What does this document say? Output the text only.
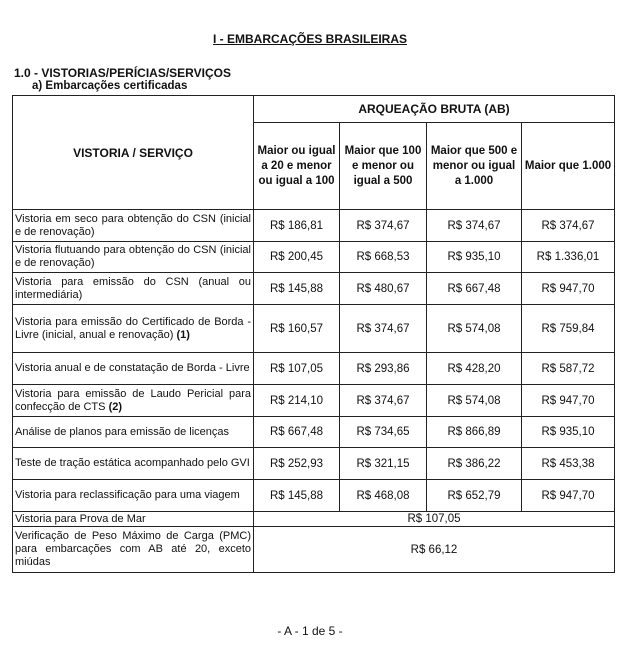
I - EMBARCAÇÕES BRASILEIRAS
1.0 - VISTORIAS/PERÍCIAS/SERVIÇOS
a) Embarcações certificadas
VISTORIA / SERVIÇO	ARQUEAÇÃO BRUTA (AB)			
	Maior ou igual a 20 e menor ou igual a 100	Maior que 100 e menor ou igual a 500	Maior que 500 e menor ou igual a 1.000	Maior que 1.000
Vistoria em seco para obtenção do CSN (inicial e de renovação)	R$ 186,81	R$ 374,67	R$ 374,67	R$ 374,67
Vistoria flutuando para obtenção do CSN (inicial e de renovação)	R$ 200,45	R$ 668,53	R$ 935,10	R$ 1.336,01
Vistoria para emissão do CSN (anual ou intermediária)	R$ 145,88	R$ 480,67	R$ 667,48	R$ 947,70
Vistoria para emissão do Certificado de Borda - Livre (inicial, anual e renovação) (1)	R$ 160,57	R$ 374,67	R$ 574,08	R$ 759,84
Vistoria anual e de constatação de Borda - Livre	R$ 107,05	R$ 293,86	R$ 428,20	R$ 587,72
Vistoria para emissão de Laudo Pericial para confecção de CTS (2)	R$ 214,10	R$ 374,67	R$ 574,08	R$ 947,70
Análise de planos para emissão de licenças	R$ 667,48	R$ 734,65	R$ 866,89	R$ 935,10
Teste de tração estática acompanhado pelo GVI	R$ 252,93	R$ 321,15	R$ 386,22	R$ 453,38
Vistoria para reclassificação para uma viagem	R$ 145,88	R$ 468,08	R$ 652,79	R$ 947,70
Vistoria para Prova de Mar	R$ 107,05			
Verificação de Peso Máximo de Carga (PMC) para embarcações com AB até 20, exceto miúdas	R$ 66,12			
- A - 1 de 5 -
